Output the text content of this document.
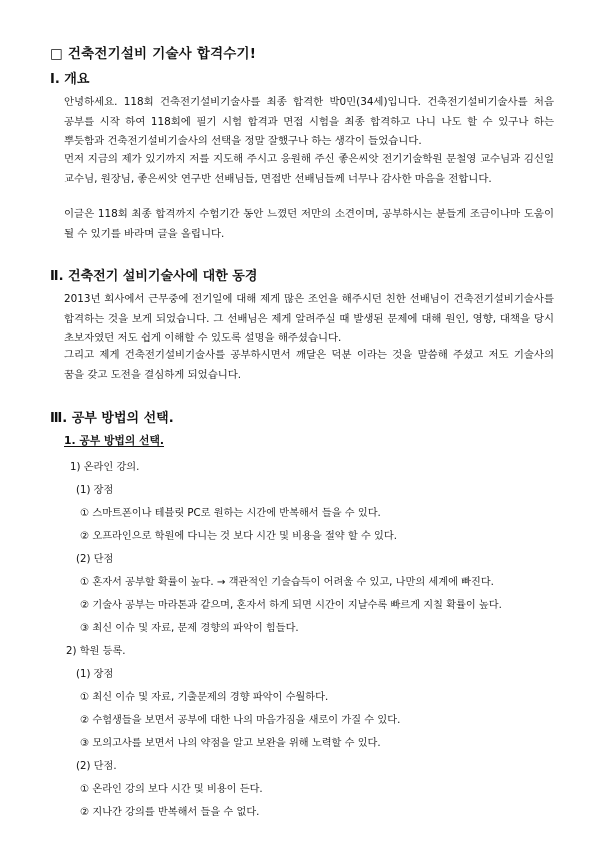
□ 건축전기설비 기술사 합격수기!
Ⅰ. 개요
안녕하세요. 118회 건축전기설비기술사를 최종 합격한 박0민(34세)입니다. 건축전기설비기술사를 처음 공부를 시작 하여 118회에 필기 시험 합격과 면접 시험을 최종 합격하고 나니 나도 할 수 있구나 하는 뿌듯함과 건축전기설비기술사의 선택을 정말 잘했구나 하는 생각이 들었습니다.
먼저 지금의 제가 있기까지 저를 지도해 주시고 응원해 주신 좋은씨앗 전기기술학원 문철영 교수님과 김신일 교수님, 원장님, 좋은씨앗 연구반 선배님들, 면접반 선배님들께 너무나 감사한 마음을 전합니다.
이글은 118회 최종 합격까지 수험기간 동안 느꼈던 저만의 소견이며, 공부하시는 분들게 조금이나마 도움이 될 수 있기를 바라며 글을 올립니다.
Ⅱ. 건축전기 설비기술사에 대한 동경
2013년 회사에서 근무중에 전기일에 대해 제게 많은 조언을 해주시던 친한 선배님이 건축전기설비기술사를 합격하는 것을 보게 되었습니다. 그 선배님은 제게 알려주실 때 발생된 문제에 대해 원인, 영향, 대책을 당시 초보자였던 저도 쉽게 이해할 수 있도록 설명을 해주셨습니다.
그리고 제게 건축전기설비기술사를 공부하시면서 깨달은 덕분 이라는 것을 말씀해 주셨고 저도 기술사의 꿈을 갖고 도전을 결심하게 되었습니다.
Ⅲ. 공부 방법의 선택.
1. 공부 방법의 선택.
1) 온라인 강의.
(1) 장점
① 스마트폰이나 테블릿 PC로 원하는 시간에 반복해서 들을 수 있다.
② 오프라인으로 학원에 다니는 것 보다 시간 및 비용을 절약 할 수 있다.
(2) 단점
① 혼자서 공부할 확률이 높다. → 객관적인 기술습득이 어려울 수 있고, 나만의 세계에 빠진다.
② 기술사 공부는 마라톤과 같으며, 혼자서 하게 되면 시간이 지날수록 빠르게 지칠 확률이 높다.
③ 최신 이슈 및 자료, 문제 경향의 파악이 힘들다.
2) 학원 등록.
(1) 장점
① 최신 이슈 및 자료, 기출문제의 경향 파악이 수월하다.
② 수험생들을 보면서 공부에 대한 나의 마음가짐을 새로이 가질 수 있다.
③ 모의고사를 보면서 나의 약점을 알고 보완을 위해 노력할 수 있다.
(2) 단점.
① 온라인 강의 보다 시간 및 비용이 든다.
② 지나간 강의를 반복해서 들을 수 없다.
